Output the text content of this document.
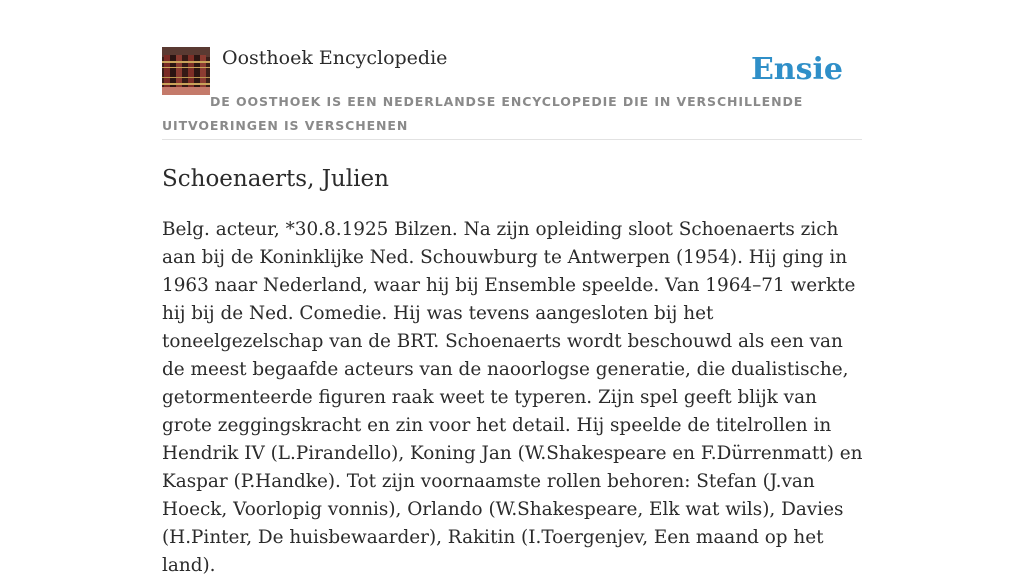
Oosthoek Encyclopedie	Ensie
DE OOSTHOEK IS EEN NEDERLANDSE ENCYCLOPEDIE DIE IN VERSCHILLENDE UITVOERINGEN IS VERSCHENEN
Schoenaerts, Julien

Belg. acteur, *30.8.1925 Bilzen. Na zijn opleiding sloot Schoenaerts zich aan bij de Koninklijke Ned. Schouwburg te Antwerpen (1954). Hij ging in 1963 naar Nederland, waar hij bij Ensemble speelde. Van 1964–71 werkte hij bij de Ned. Comedie. Hij was tevens aangesloten bij het toneelgezelschap van de BRT. Schoenaerts wordt beschouwd als een van de meest begaafde acteurs van de naoorlogse generatie, die dualistische, getormenteerde figuren raak weet te typeren. Zijn spel geeft blijk van grote zeggingskracht en zin voor het detail. Hij speelde de titelrollen in Hendrik IV (L.Pirandello), Koning Jan (W.Shakespeare en F.Dürrenmatt) en Kaspar (P.Handke). Tot zijn voornaamste rollen behoren: Stefan (J.van Hoeck, Voorlopig vonnis), Orlando (W.Shakespeare, Elk wat wils), Davies (H.Pinter, De huisbewaarder), Rakitin (I.Toergenjev, Een maand op het land).
